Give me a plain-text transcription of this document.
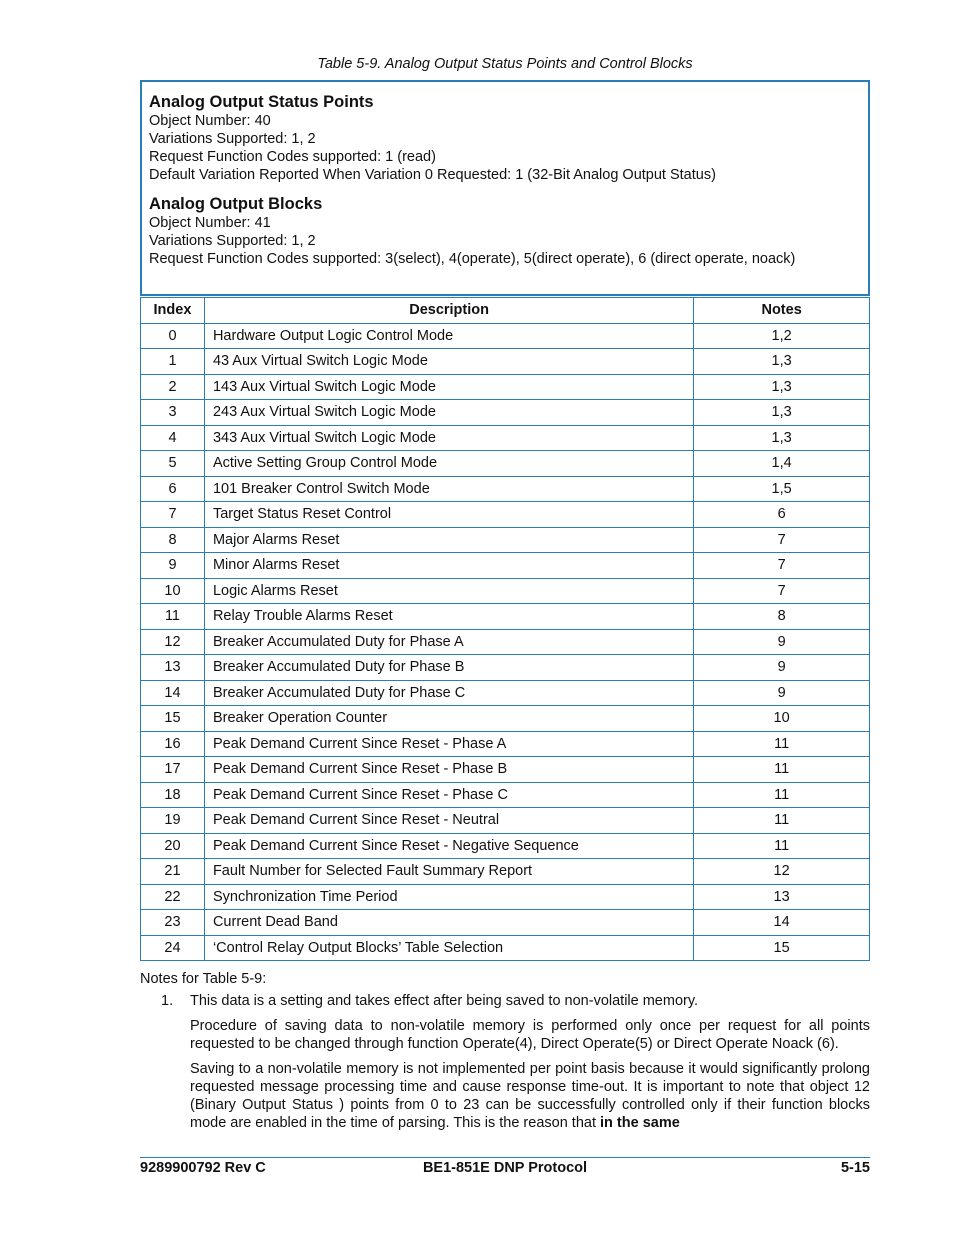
Table 5-9. Analog Output Status Points and Control Blocks
Analog Output Status Points

Object Number: 40

Variations Supported: 1, 2

Request Function Codes supported: 1 (read)

Default Variation Reported When Variation 0 Requested: 1 (32-Bit Analog Output Status)

Analog Output Blocks

Object Number: 41

Variations Supported: 1, 2

Request Function Codes supported: 3(select), 4(operate), 5(direct operate), 6 (direct operate, noack)

Index	Description	Notes
0	Hardware Output Logic Control Mode	1,2
1	43 Aux Virtual Switch Logic Mode	1,3
2	143 Aux Virtual Switch Logic Mode	1,3
3	243 Aux Virtual Switch Logic Mode	1,3
4	343 Aux Virtual Switch Logic Mode	1,3
5	Active Setting Group Control Mode	1,4
6	101 Breaker Control Switch Mode	1,5
7	Target Status Reset Control	6
8	Major Alarms Reset	7
9	Minor Alarms Reset	7
10	Logic Alarms Reset	7
11	Relay Trouble Alarms Reset	8
12	Breaker Accumulated Duty for Phase A	9
13	Breaker Accumulated Duty for Phase B	9
14	Breaker Accumulated Duty for Phase C	9
15	Breaker Operation Counter	10
16	Peak Demand Current Since Reset - Phase A	11
17	Peak Demand Current Since Reset - Phase B	11
18	Peak Demand Current Since Reset - Phase C	11
19	Peak Demand Current Since Reset - Neutral	11
20	Peak Demand Current Since Reset - Negative Sequence	11
21	Fault Number for Selected Fault Summary Report	12
22	Synchronization Time Period	13
23	Current Dead Band	14
24	‘Control Relay Output Blocks’ Table Selection	15

Notes for Table 5-9:

1.	This data is a setting and takes effect after being saved to non-volatile memory.

Procedure of saving data to non-volatile memory is performed only once per request for all points requested to be changed through function Operate(4), Direct Operate(5) or Direct Operate Noack (6).

Saving to a non-volatile memory is not implemented per point basis because it would significantly prolong requested message processing time and cause response time-out. It is important to note that object 12 (Binary Output Status ) points from 0 to 23 can be successfully controlled only if their function blocks mode are enabled in the time of parsing. This is the reason that in the same

9289900792 Rev C	BE1-851E DNP Protocol	5-15
